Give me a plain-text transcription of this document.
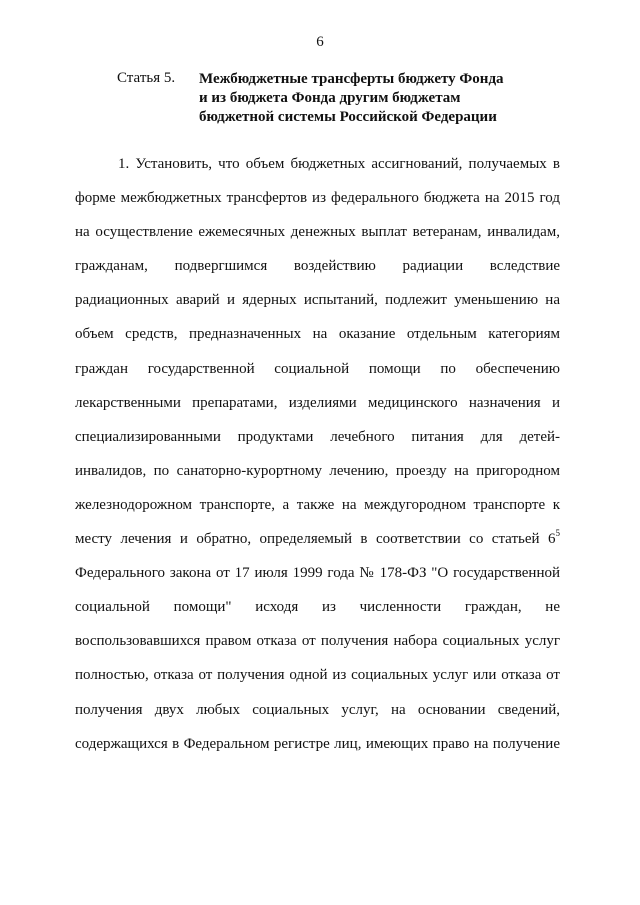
6
Статья 5. Межбюджетные трансферты бюджету Фонда
и из бюджета Фонда другим бюджетам
бюджетной системы Российской Федерации
1. Установить, что объем бюджетных ассигнований, получаемых в
форме межбюджетных трансфертов из федерального бюджета на 2015 год
на осуществление ежемесячных денежных выплат ветеранам, инвалидам,
гражданам, подвергшимся воздействию радиации вследствие
радиационных аварий и ядерных испытаний, подлежит уменьшению на
объем средств, предназначенных на оказание отдельным категориям
граждан государственной социальной помощи по обеспечению
лекарственными препаратами, изделиями медицинского назначения и
специализированными продуктами лечебного питания для детей-
инвалидов, по санаторно-курортному лечению, проезду на пригородном
железнодорожном транспорте, а также на междугородном транспорте к
месту лечения и обратно, определяемый в соответствии со статьей $6^5$
Федерального закона от 17 июля 1999 года № 178-ФЗ "О государственной
социальной помощи" исходя из численности граждан, не
воспользовавшихся правом отказа от получения набора социальных услуг
полностью, отказа от получения одной из социальных услуг или отказа от
получения двух любых социальных услуг, на основании сведений,
содержащихся в Федеральном регистре лиц, имеющих право на получение
